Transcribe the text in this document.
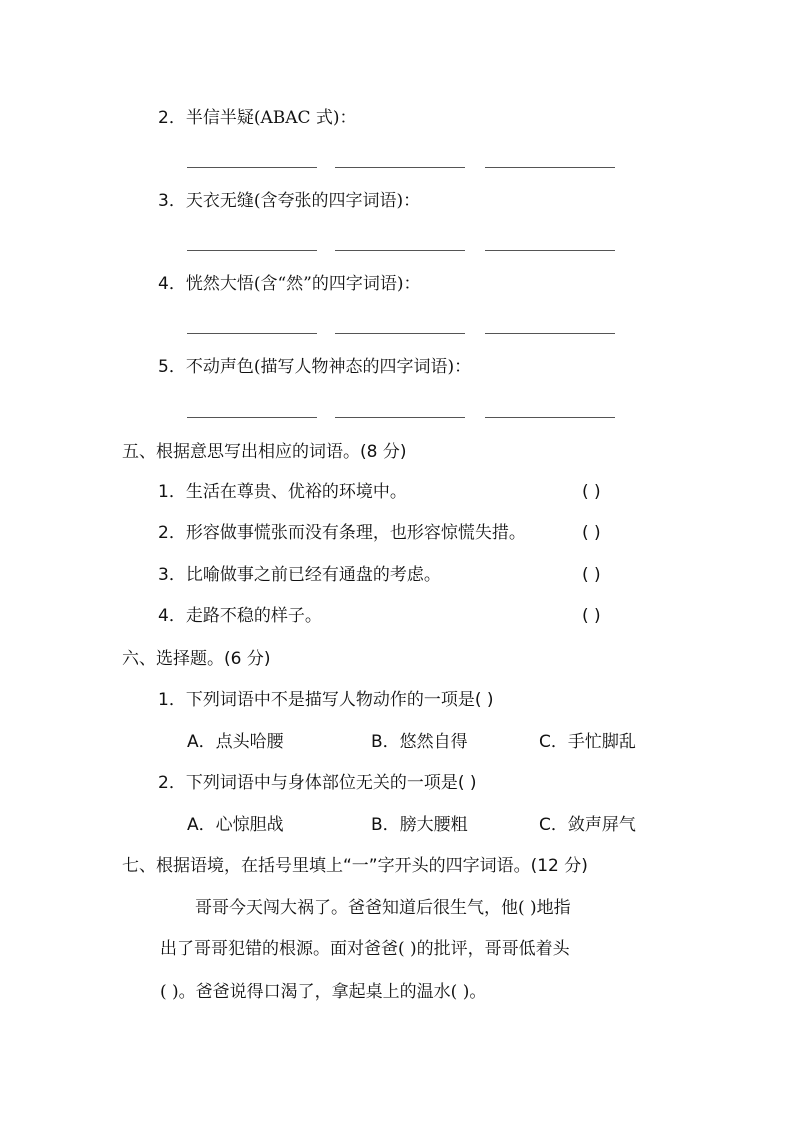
2．半信半疑(ABAC 式)：
3．天衣无缝(含夸张的四字词语)：
4．恍然大悟(含“然”的四字词语)：
5．不动声色(描写人物神态的四字词语)：
五、根据意思写出相应的词语。(8 分)
1．生活在尊贵、优裕的环境中。	( )
2．形容做事慌张而没有条理，也形容惊慌失措。	( )
3．比喻做事之前已经有通盘的考虑。	( )
4．走路不稳的样子。	( )
六、选择题。(6 分)
1．下列词语中不是描写人物动作的一项是( )
A．点头哈腰	B．悠然自得	C．手忙脚乱
2．下列词语中与身体部位无关的一项是( )
A．心惊胆战	B．膀大腰粗	C．敛声屏气
七、根据语境，在括号里填上“一”字开头的四字词语。(12 分)
哥哥今天闯大祸了。爸爸知道后很生气，他( )地指
出了哥哥犯错的根源。面对爸爸( )的批评，哥哥低着头
( )。爸爸说得口渴了，拿起桌上的温水( )。
